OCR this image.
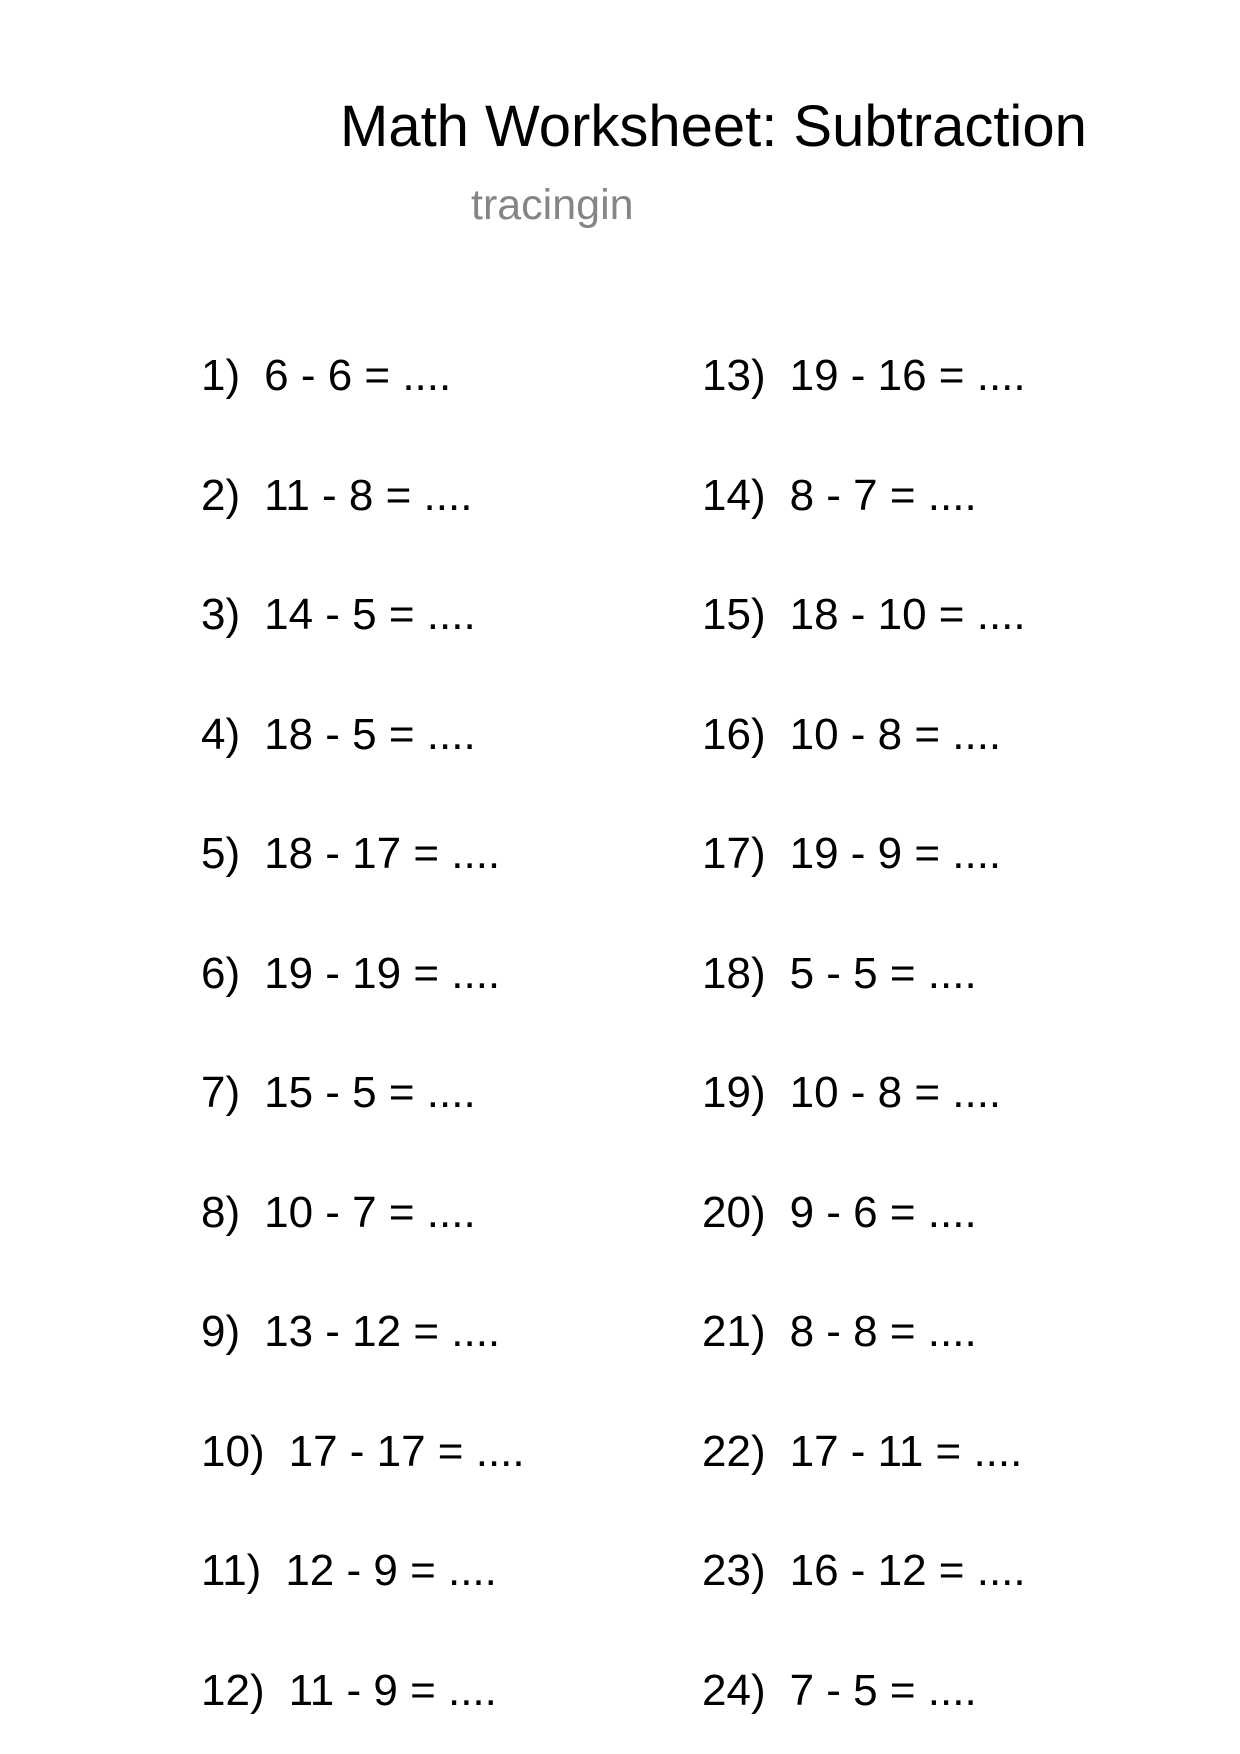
Math Worksheet: Subtraction
tracingin
1) 6 - 6 = ....
2) 11 - 8 = ....
3) 14 - 5 = ....
4) 18 - 5 = ....
5) 18 - 17 = ....
6) 19 - 19 = ....
7) 15 - 5 = ....
8) 10 - 7 = ....
9) 13 - 12 = ....
10) 17 - 17 = ....
11) 12 - 9 = ....
12) 11 - 9 = ....
13) 19 - 16 = ....
14) 8 - 7 = ....
15) 18 - 10 = ....
16) 10 - 8 = ....
17) 19 - 9 = ....
18) 5 - 5 = ....
19) 10 - 8 = ....
20) 9 - 6 = ....
21) 8 - 8 = ....
22) 17 - 11 = ....
23) 16 - 12 = ....
24) 7 - 5 = ....
